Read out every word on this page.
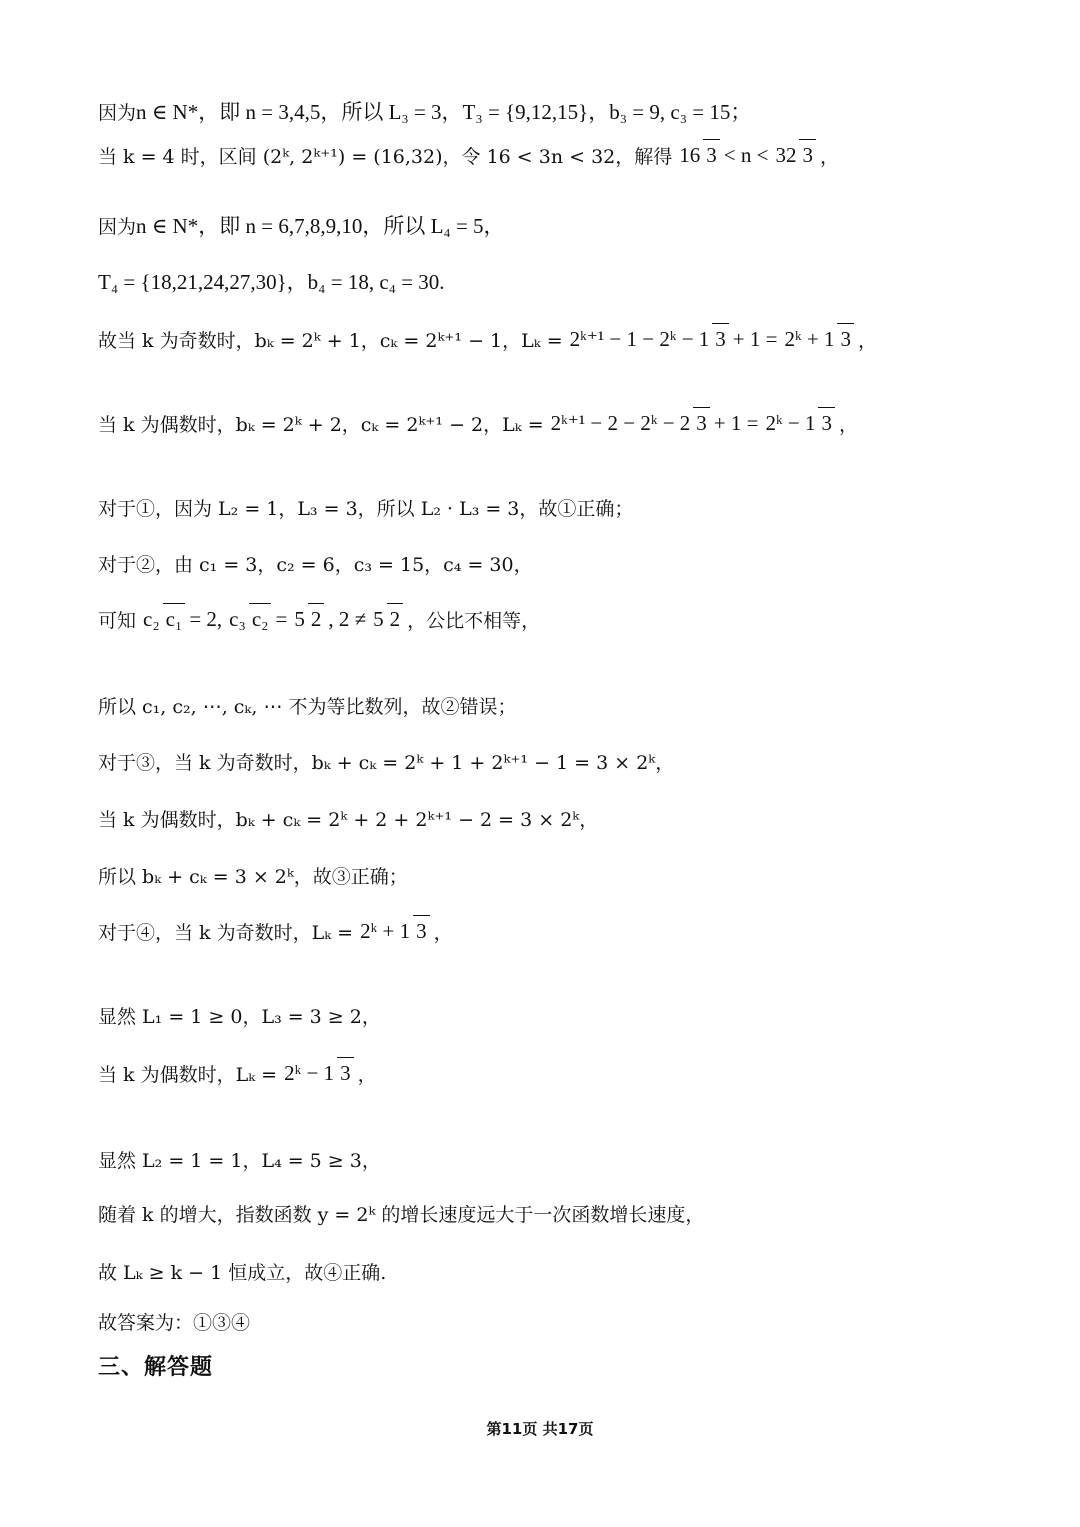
因为 n ∈ N*，即 n = 3,4,5，所以 L₃ = 3，T₃ = {9,12,15}，b₃ = 9, c₃ = 15；
当 k = 4 时，区间 (2ᵏ, 2ᵏ⁺¹) = (16,32)，令 16 < 3n < 32，解得 16 3 < n < 32 3 ，
因为 n ∈ N*，即 n = 6,7,8,9,10，所以 L₄ = 5，
T₄ = {18,21,24,27,30}，b₄ = 18, c₄ = 30.
故当 k 为奇数时，bₖ = 2ᵏ + 1，cₖ = 2ᵏ⁺¹ − 1，Lₖ = 2ᵏ⁺¹ − 1 − 2ᵏ − 1 3 + 1 = 2ᵏ + 1 3 ，
当 k 为偶数时，bₖ = 2ᵏ + 2，cₖ = 2ᵏ⁺¹ − 2，Lₖ = 2ᵏ⁺¹ − 2 − 2ᵏ − 2 3 + 1 = 2ᵏ − 1 3 ，
对于①，因为 L₂ = 1，L₃ = 3，所以 L₂ · L₃ = 3，故①正确；
对于②，由 c₁ = 3，c₂ = 6，c₃ = 15，c₄ = 30，
可知 c₂ c₁ = 2, c₃ c₂ = 5 2 , 2 ≠ 5 2 ，公比不相等，
所以 c₁, c₂, ⋯, cₖ, ⋯ 不为等比数列，故②错误；
对于③，当 k 为奇数时，bₖ + cₖ = 2ᵏ + 1 + 2ᵏ⁺¹ − 1 = 3 × 2ᵏ，
当 k 为偶数时，bₖ + cₖ = 2ᵏ + 2 + 2ᵏ⁺¹ − 2 = 3 × 2ᵏ，
所以 bₖ + cₖ = 3 × 2ᵏ，故③正确；
对于④，当 k 为奇数时，Lₖ = 2ᵏ + 1 3 ，
显然 L₁ = 1 ≥ 0，L₃ = 3 ≥ 2，
当 k 为偶数时，Lₖ = 2ᵏ − 1 3 ，
显然 L₂ = 1 = 1，L₄ = 5 ≥ 3，
随着 k 的增大，指数函数 y = 2ᵏ 的增长速度远大于一次函数增长速度，
故 Lₖ ≥ k − 1 恒成立，故④正确.
故答案为：①③④
三、解答题
第11页 共17页
